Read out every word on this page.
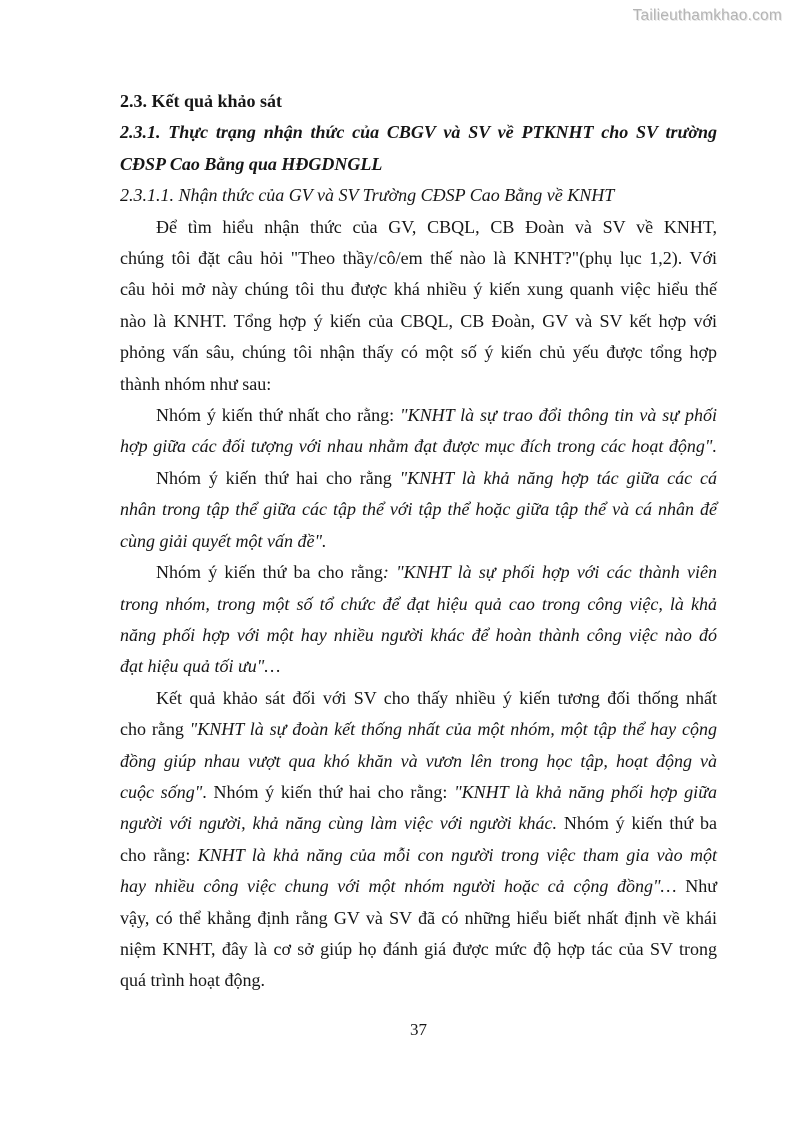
Tailieuthamkhao.com
2.3. Kết quả khảo sát
2.3.1. Thực trạng nhận thức của CBGV và SV về PTKNHT cho SV trường
CĐSP Cao Bằng qua HĐGDNGLL
2.3.1.1. Nhận thức của GV và SV Trường CĐSP Cao Bằng về KNHT
Để tìm hiểu nhận thức của GV, CBQL, CB Đoàn và SV về KNHT,
chúng tôi đặt câu hỏi "Theo thầy/cô/em thế nào là KNHT?"(phụ lục 1,2). Với
câu hỏi mở này chúng tôi thu được khá nhiều ý kiến xung quanh việc hiểu thế
nào là KNHT. Tổng hợp ý kiến của CBQL, CB Đoàn, GV và SV kết hợp với
phỏng vấn sâu, chúng tôi nhận thấy có một số ý kiến chủ yếu được tổng hợp
thành nhóm như sau:
Nhóm ý kiến thứ nhất cho rằng: "KNHT là sự trao đổi thông tin và sự phối
hợp giữa các đối tượng với nhau nhằm đạt được mục đích trong các hoạt động".
Nhóm ý kiến thứ hai cho rằng "KNHT là khả năng hợp tác giữa các cá
nhân trong tập thể giữa các tập thể với tập thể hoặc giữa tập thể và cá nhân để
cùng giải quyết một vấn đề".
Nhóm ý kiến thứ ba cho rằng: "KNHT là sự phối hợp với các thành viên
trong nhóm, trong một số tổ chức để đạt hiệu quả cao trong công việc, là khả
năng phối hợp với một hay nhiều người khác để hoàn thành công việc nào đó
đạt hiệu quả tối ưu"…
Kết quả khảo sát đối với SV cho thấy nhiều ý kiến tương đối thống nhất
cho rằng "KNHT là sự đoàn kết thống nhất của một nhóm, một tập thể hay cộng
đồng giúp nhau vượt qua khó khăn và vươn lên trong học tập, hoạt động và
cuộc sống". Nhóm ý kiến thứ hai cho rằng: "KNHT là khả năng phối hợp giữa
người với người, khả năng cùng làm việc với người khác. Nhóm ý kiến thứ ba
cho rằng: KNHT là khả năng của mỗi con người trong việc tham gia vào một
hay nhiều công việc chung với một nhóm người hoặc cả cộng đồng"… Như
vậy, có thể khẳng định rằng GV và SV đã có những hiểu biết nhất định về khái
niệm KNHT, đây là cơ sở giúp họ đánh giá được mức độ hợp tác của SV trong
quá trình hoạt động.
37
